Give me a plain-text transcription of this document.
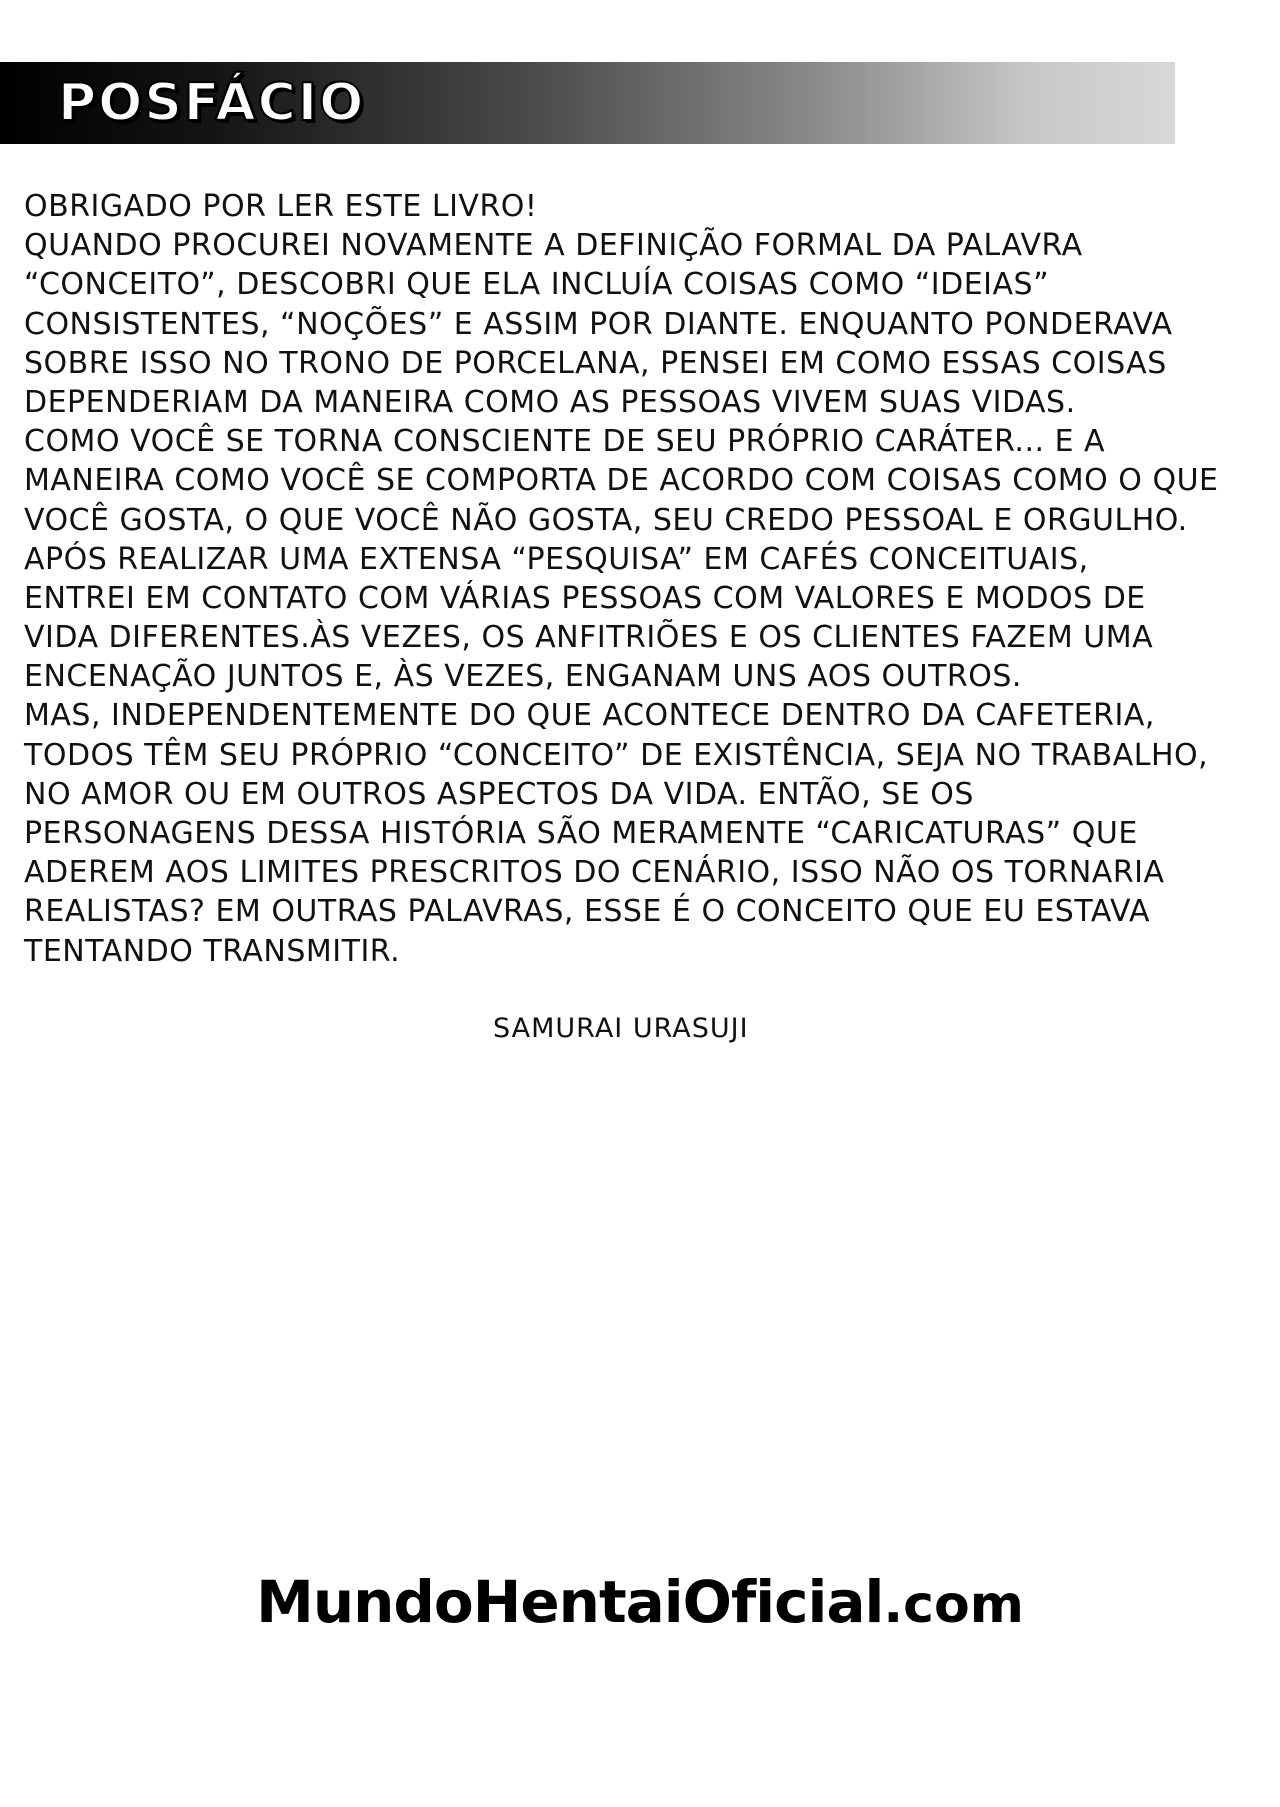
POSFÁCIO
OBRIGADO POR LER ESTE LIVRO!
QUANDO PROCUREI NOVAMENTE A DEFINIÇÃO FORMAL DA PALAVRA
“CONCEITO”, DESCOBRI QUE ELA INCLUÍA COISAS COMO “IDEIAS”
CONSISTENTES, “NOÇÕES” E ASSIM POR DIANTE. ENQUANTO PONDERAVA
SOBRE ISSO NO TRONO DE PORCELANA, PENSEI EM COMO ESSAS COISAS
DEPENDERIAM DA MANEIRA COMO AS PESSOAS VIVEM SUAS VIDAS.
COMO VOCÊ SE TORNA CONSCIENTE DE SEU PRÓPRIO CARÁTER... E A
MANEIRA COMO VOCÊ SE COMPORTA DE ACORDO COM COISAS COMO O QUE
VOCÊ GOSTA, O QUE VOCÊ NÃO GOSTA, SEU CREDO PESSOAL E ORGULHO.
APÓS REALIZAR UMA EXTENSA “PESQUISA” EM CAFÉS CONCEITUAIS,
ENTREI EM CONTATO COM VÁRIAS PESSOAS COM VALORES E MODOS DE
VIDA DIFERENTES.ÀS VEZES, OS ANFITRIÕES E OS CLIENTES FAZEM UMA
ENCENAÇÃO JUNTOS E, ÀS VEZES, ENGANAM UNS AOS OUTROS.
MAS, INDEPENDENTEMENTE DO QUE ACONTECE DENTRO DA CAFETERIA,
TODOS TÊM SEU PRÓPRIO “CONCEITO” DE EXISTÊNCIA, SEJA NO TRABALHO,
NO AMOR OU EM OUTROS ASPECTOS DA VIDA. ENTÃO, SE OS
PERSONAGENS DESSA HISTÓRIA SÃO MERAMENTE “CARICATURAS” QUE
ADEREM AOS LIMITES PRESCRITOS DO CENÁRIO, ISSO NÃO OS TORNARIA
REALISTAS? EM OUTRAS PALAVRAS, ESSE É O CONCEITO QUE EU ESTAVA
TENTANDO TRANSMITIR.
SAMURAI URASUJI
MundoHentaiOficial.com
